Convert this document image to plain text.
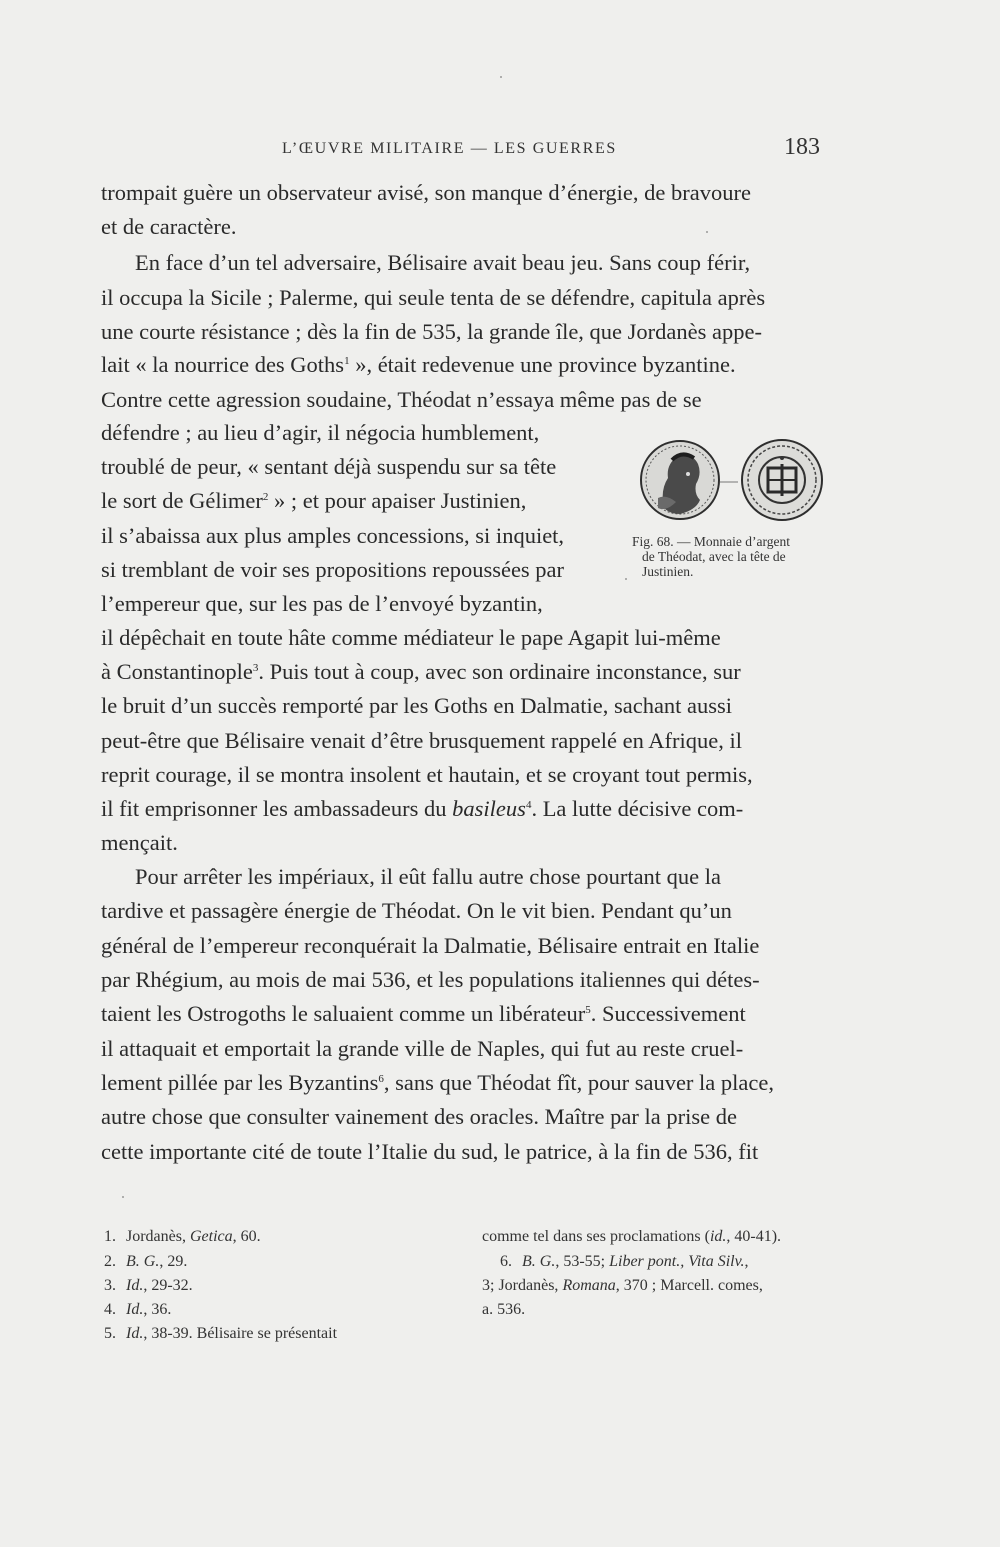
L’ŒUVRE MILITAIRE — LES GUERRES	183
trompait guère un observateur avisé, son manque d’énergie, de bravoure
et de caractère.
En face d’un tel adversaire, Bélisaire avait beau jeu. Sans coup férir,
il occupa la Sicile ; Palerme, qui seule tenta de se défendre, capitula après
une courte résistance ; dès la fin de 535, la grande île, que Jordanès appe-
lait « la nourrice des Goths$^1$ », était redevenue une province byzantine.
Contre cette agression soudaine, Théodat n’essaya même pas de se
défendre ; au lieu d’agir, il négocia humblement,
troublé de peur, « sentant déjà suspendu sur sa tête
le sort de Gélimer$^2$ » ; et pour apaiser Justinien,
il s’abaissa aux plus amples concessions, si inquiet,
si tremblant de voir ses propositions repoussées par
l’empereur que, sur les pas de l’envoyé byzantin,
il dépêchait en toute hâte comme médiateur le pape Agapit lui-même
à Constantinople$^3$. Puis tout à coup, avec son ordinaire inconstance, sur
le bruit d’un succès remporté par les Goths en Dalmatie, sachant aussi
peut-être que Bélisaire venait d’être brusquement rappelé en Afrique, il
reprit courage, il se montra insolent et hautain, et se croyant tout permis,
il fit emprisonner les ambassadeurs du basileus$^4$. La lutte décisive com-
mençait.
Pour arrêter les impériaux, il eût fallu autre chose pourtant que la
tardive et passagère énergie de Théodat. On le vit bien. Pendant qu’un
général de l’empereur reconquérait la Dalmatie, Bélisaire entrait en Italie
par Rhégium, au mois de mai 536, et les populations italiennes qui détes-
taient les Ostrogoths le saluaient comme un libérateur$^5$. Successivement
il attaquait et emportait la grande ville de Naples, qui fut au reste cruel-
lement pillée par les Byzantins$^6$, sans que Théodat fît, pour sauver la place,
autre chose que consulter vainement des oracles. Maître par la prise de
cette importante cité de toute l’Italie du sud, le patrice, à la fin de 536, fit
Fig. 68. — Monnaie d’argent
de Théodat, avec la tête de
Justinien.
1. Jordanès, Getica, 60.
2. B. G., 29.
3. Id., 29-32.
4. Id., 36.
5. Id., 38-39. Bélisaire se présentait
comme tel dans ses proclamations (id., 40-41).
6. B. G., 53-55; Liber pont., Vita Silv.,
3; Jordanès, Romana, 370 ; Marcell. comes,
a. 536.
